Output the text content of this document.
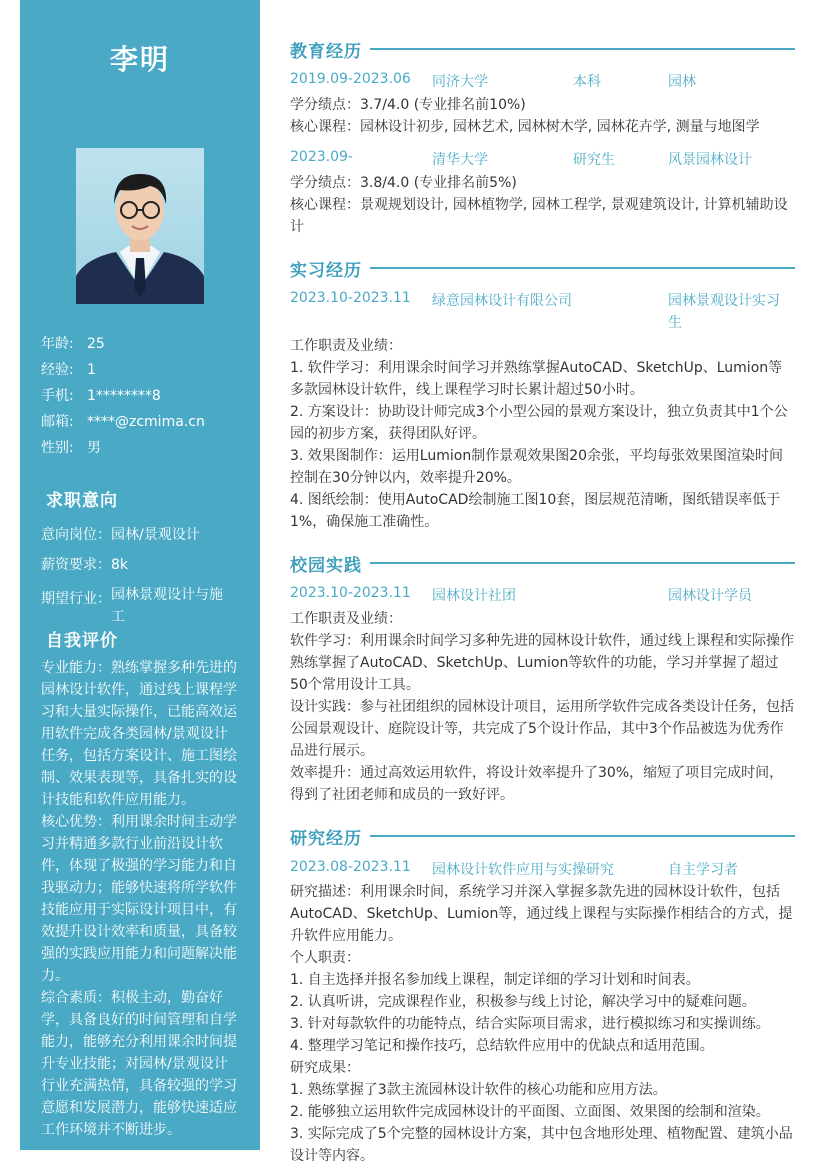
李明
年龄: 25
经验: 1
手机: 1********8
邮箱: ****@zcmima.cn
性别: 男
求职意向
意向岗位：园林/景观设计
薪资要求：8k
期望行业： 园林景观设计与施工
自我评价

专业能力：熟练掌握多种先进的园林设计软件，通过线上课程学习和大量实际操作，已能高效运用软件完成各类园林/景观设计任务，包括方案设计、施工图绘制、效果表现等，具备扎实的设计技能和软件应用能力。

核心优势：利用课余时间主动学习并精通多款行业前沿设计软件，体现了极强的学习能力和自我驱动力；能够快速将所学软件技能应用于实际设计项目中，有效提升设计效率和质量，具备较强的实践应用能力和问题解决能力。

综合素质：积极主动，勤奋好学，具备良好的时间管理和自学能力，能够充分利用课余时间提升专业技能；对园林/景观设计行业充满热情，具备较强的学习意愿和发展潜力，能够快速适应工作环境并不断进步。

教育经历
2019.09-2023.06 同济大学	本科	园林

学分绩点：3.7/4.0 (专业排名前10%)

核心课程：园林设计初步, 园林艺术, 园林树木学, 园林花卉学, 测量与地图学

2023.09-	清华大学	研究生	风景园林设计

学分绩点：3.8/4.0 (专业排名前5%)

核心课程：景观规划设计, 园林植物学, 园林工程学, 景观建筑设计, 计算机辅助设计

实习经历
2023.10-2023.11 绿意园林设计有限公司	园林景观设计实习生

工作职责及业绩：

1. 软件学习：利用课余时间学习并熟练掌握AutoCAD、SketchUp、Lumion等多款园林设计软件，线上课程学习时长累计超过50小时。

2. 方案设计：协助设计师完成3个小型公园的景观方案设计，独立负责其中1个公园的初步方案，获得团队好评。

3. 效果图制作：运用Lumion制作景观效果图20余张，平均每张效果图渲染时间控制在30分钟以内，效率提升20%。

4. 图纸绘制：使用AutoCAD绘制施工图10套，图层规范清晰，图纸错误率低于1%，确保施工准确性。

校园实践
2023.10-2023.11 园林设计社团	园林设计学员

工作职责及业绩：

软件学习：利用课余时间学习多种先进的园林设计软件，通过线上课程和实际操作熟练掌握了AutoCAD、SketchUp、Lumion等软件的功能，学习并掌握了超过50个常用设计工具。

设计实践：参与社团组织的园林设计项目，运用所学软件完成各类设计任务，包括公园景观设计、庭院设计等，共完成了5个设计作品，其中3个作品被选为优秀作品进行展示。

效率提升：通过高效运用软件，将设计效率提升了30%，缩短了项目完成时间，得到了社团老师和成员的一致好评。

研究经历
2023.08-2023.11 园林设计软件应用与实操研究	自主学习者

研究描述：利用课余时间，系统学习并深入掌握多款先进的园林设计软件，包括AutoCAD、SketchUp、Lumion等，通过线上课程与实际操作相结合的方式，提升软件应用能力。

个人职责：

1. 自主选择并报名参加线上课程，制定详细的学习计划和时间表。

2. 认真听讲，完成课程作业，积极参与线上讨论，解决学习中的疑难问题。

3. 针对每款软件的功能特点，结合实际项目需求，进行模拟练习和实操训练。

4. 整理学习笔记和操作技巧，总结软件应用中的优缺点和适用范围。

研究成果：

1. 熟练掌握了3款主流园林设计软件的核心功能和应用方法。

2. 能够独立运用软件完成园林设计的平面图、立面图、效果图的绘制和渲染。

3. 实际完成了5个完整的园林设计方案，其中包含地形处理、植物配置、建筑小品设计等内容。
